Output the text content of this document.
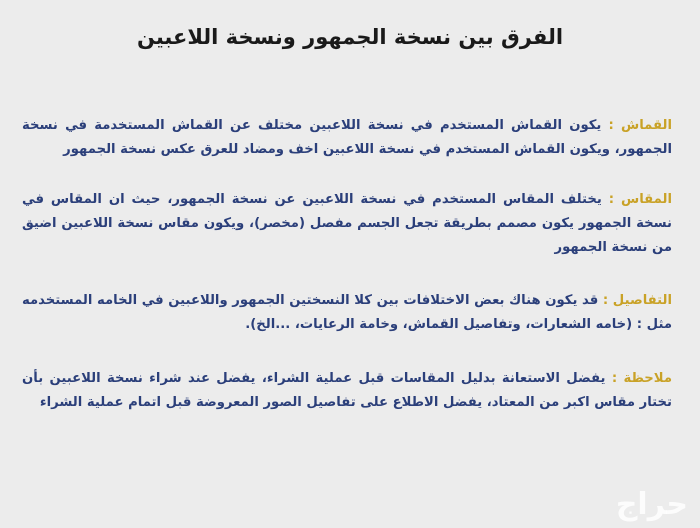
الفرق بين نسخة الجمهور ونسخة اللاعبين
القماش : يكون القماش المستخدم في نسخة اللاعبين مختلف عن القماش المستخدمة في نسخة الجمهور، ويكون القماش المستخدم في نسخة اللاعبين اخف ومضاد للعرق عكس نسخة الجمهور
المقاس : يختلف المقاس المستخدم في نسخة اللاعبين عن نسخة الجمهور، حيث ان المقاس في نسخة الجمهور يكون مصمم بطريقة تجعل الجسم مفصل (مخصر)، ويكون مقاس نسخة اللاعبين اضيق من نسخة الجمهور
التفاصيل : قد يكون هناك بعض الاختلافات بين كلا النسختين الجمهور واللاعبين في الخامه المستخدمه مثل : (خامه الشعارات، وتفاصيل القماش، وخامة الرعايات، ...الخ).
ملاحظة : يفضل الاستعانة بدليل المقاسات قبل عملية الشراء، يفضل عند شراء نسخة اللاعبين بأن تختار مقاس اكبر من المعتاد، يفضل الاطلاع على تفاصيل الصور المعروضة قبل اتمام عملية الشراء
حراج
